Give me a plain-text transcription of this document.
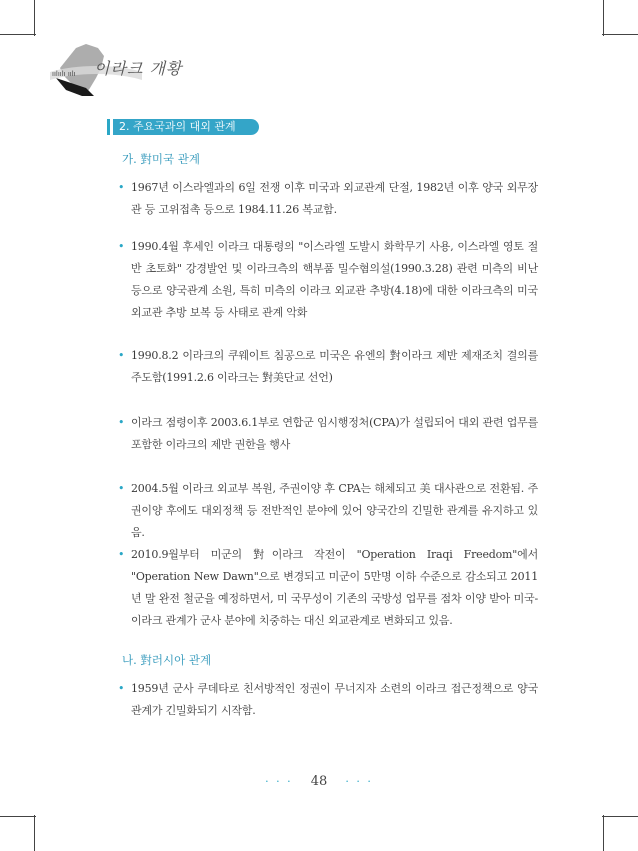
ıılıılı ıılı 이라크 개황
2. 주요국과의 대외 관계
가. 對미국 관계
• 1967년 이스라엘과의 6일 전쟁 이후 미국과 외교관계 단절, 1982년 이후 양국 외무장관 등 고위접촉 등으로 1984.11.26 복교함.
• 1990.4월 후세인 이라크 대통령의 "이스라엘 도발시 화학무기 사용, 이스라엘 영토 절반 초토화" 강경발언 및 이라크측의 핵부품 밀수혐의설(1990.3.28) 관련 미측의 비난 등으로 양국관계 소원, 특히 미측의 이라크 외교관 추방(4.18)에 대한 이라크측의 미국 외교관 추방 보복 등 사태로 관계 악화
• 1990.8.2 이라크의 쿠웨이트 침공으로 미국은 유엔의 對이라크 제반 제재조치 결의를 주도함(1991.2.6 이라크는 對美단교 선언)
• 이라크 점령이후 2003.6.1부로 연합군 임시행정처(CPA)가 설립되어 대외 관련 업무를 포함한 이라크의 제반 권한을 행사
• 2004.5월 이라크 외교부 복원, 주권이양 후 CPA는 해체되고 美 대사관으로 전환됨. 주권이양 후에도 대외정책 등 전반적인 분야에 있어 양국간의 긴밀한 관계를 유지하고 있음.
• 2010.9월부터 미군의 對이라크 작전이 "Operation Iraqi Freedom"에서 "Operation New Dawn"으로 변경되고 미군이 5만명 이하 수준으로 감소되고 2011년 말 완전 철군을 예정하면서, 미 국무성이 기존의 국방성 업무를 점차 이양 받아 미국-이라크 관계가 군사 분야에 치중하는 대신 외교관계로 변화되고 있음.
나. 對러시아 관계
• 1959년 군사 쿠데타로 친서방적인 정권이 무너지자 소련의 이라크 접근정책으로 양국 관계가 긴밀화되기 시작함.
· · · 48 · · ·
